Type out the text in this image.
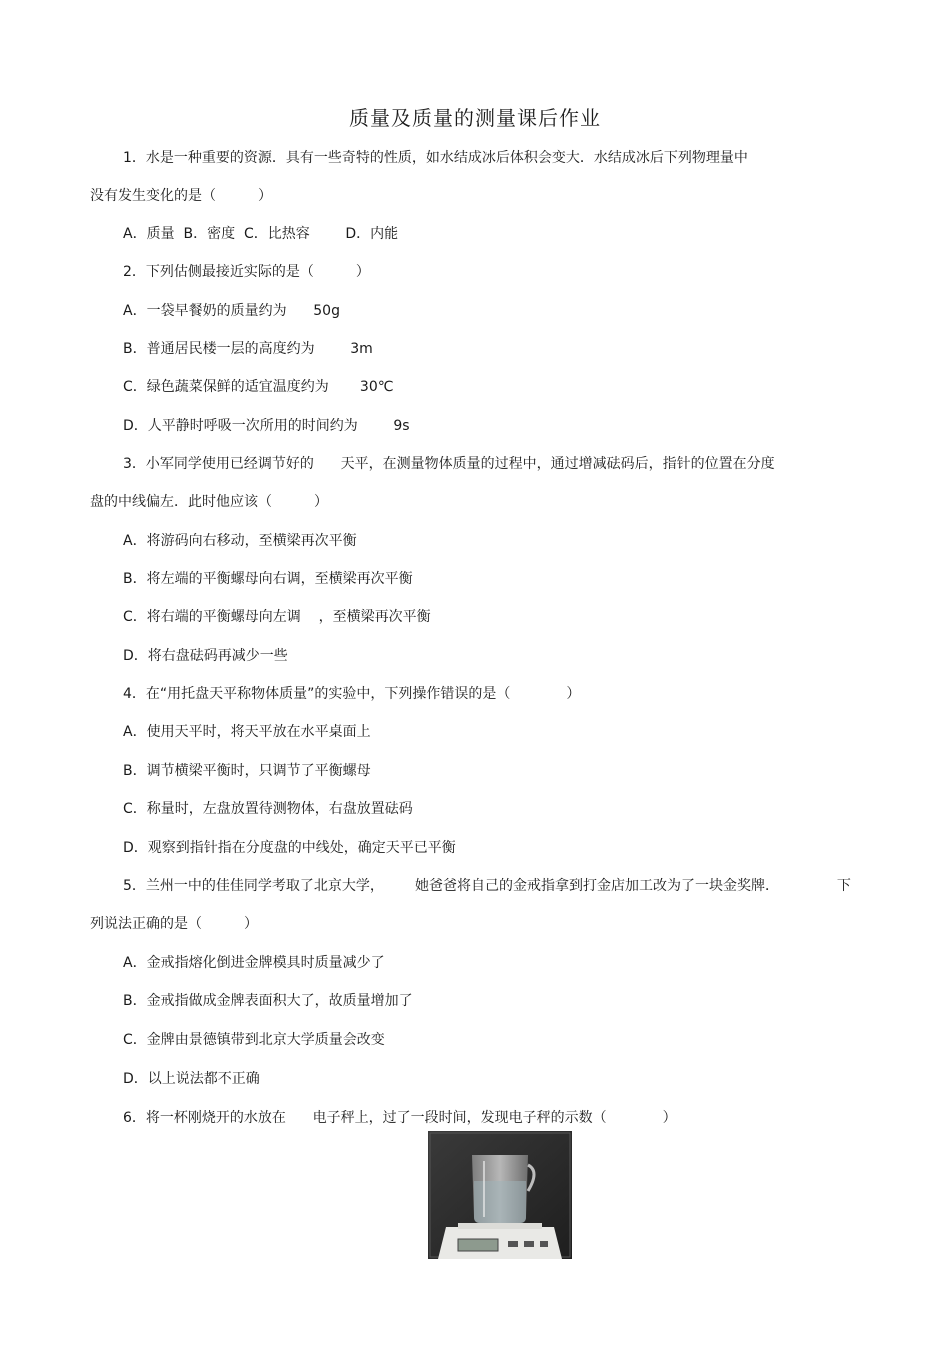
质量及质量的测量课后作业
1．水是一种重要的资源．具有一些奇特的性质，如水结成冰后体积会变大．水结成冰后下列物理量中
没有发生变化的是（　　　）
A．质量  B．密度  C．比热容        D．内能
2．下列估侧最接近实际的是（　　　）
A．一袋早餐奶的质量约为      50g
B．普通居民楼一层的高度约为        3m
C．绿色蔬菜保鲜的适宜温度约为       30℃
D．人平静时呼吸一次所用的时间约为        9s
3．小军同学使用已经调节好的      天平，在测量物体质量的过程中，通过增减砝码后，指针的位置在分度
盘的中线偏左．此时他应该（　　　）
A．将游码向右移动，至横梁再次平衡
B．将左端的平衡螺母向右调，至横梁再次平衡
C．将右端的平衡螺母向左调    ，至横梁再次平衡
D．将右盘砝码再减少一些
4．在“用托盘天平称物体质量”的实验中，下列操作错误的是（　　　　）
A．使用天平时，将天平放在水平桌面上
B．调节横梁平衡时，只调节了平衡螺母
C．称量时，左盘放置待测物体，右盘放置砝码
D．观察到指针指在分度盘的中线处，确定天平已平衡
5．兰州一中的佳佳同学考取了北京大学，       她爸爸将自己的金戒指拿到打金店加工改为了一块金奖牌．             下
列说法正确的是（　　　）
A．金戒指熔化倒进金牌模具时质量减少了
B．金戒指做成金牌表面积大了，故质量增加了
C．金牌由景德镇带到北京大学质量会改变
D．以上说法都不正确
6．将一杯刚烧开的水放在      电子秤上，过了一段时间，发现电子秤的示数（　　　　）
